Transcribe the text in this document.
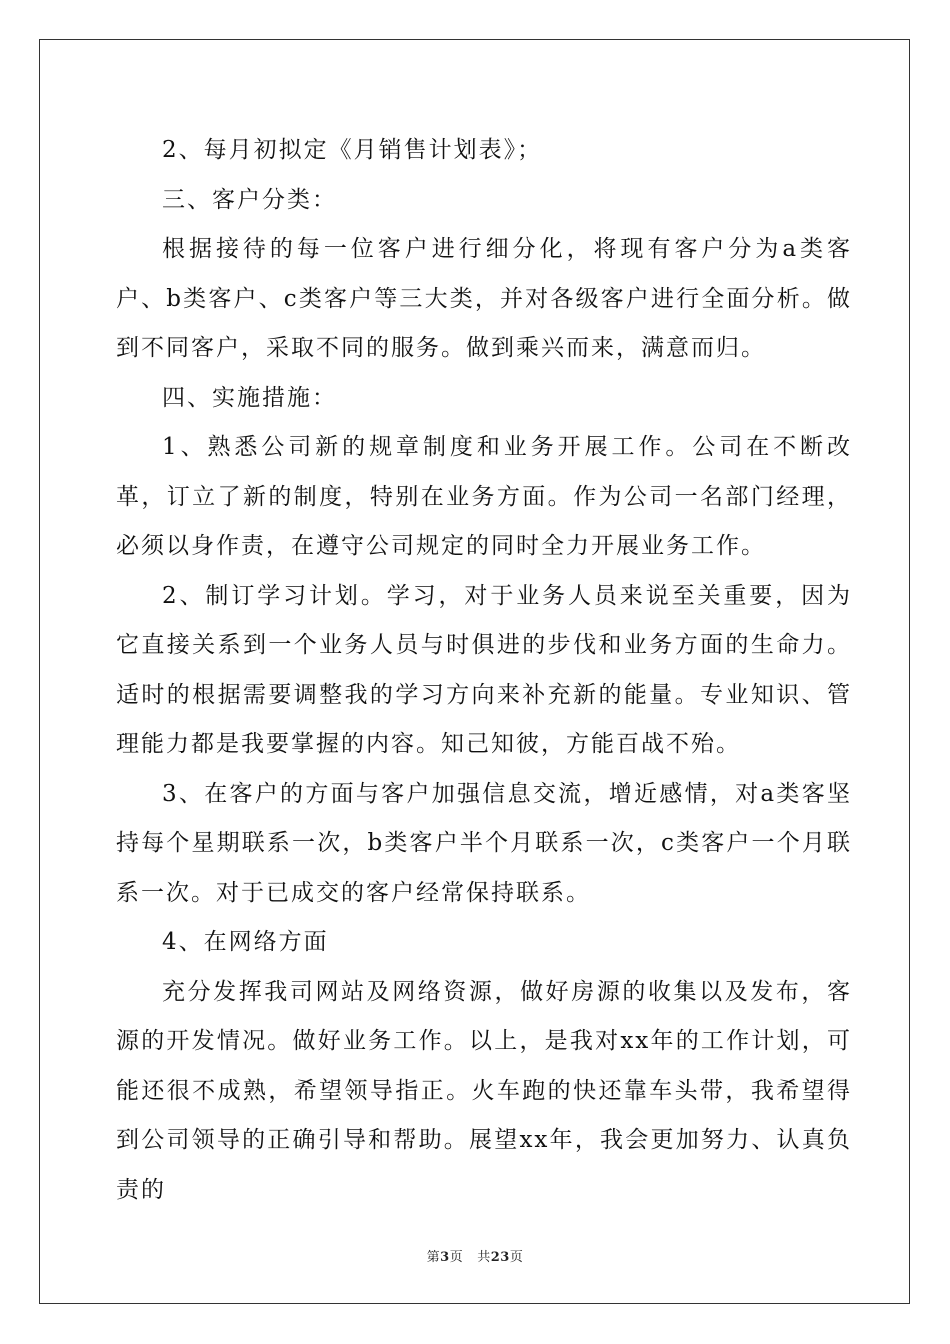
2、每月初拟定《月销售计划表》；

三、客户分类：

根据接待的每一位客户进行细分化，将现有客户分为a类客户、b类客户、c类客户等三大类，并对各级客户进行全面分析。做到不同客户，采取不同的服务。做到乘兴而来，满意而归。

四、实施措施：

1、熟悉公司新的规章制度和业务开展工作。公司在不断改革，订立了新的制度，特别在业务方面。作为公司一名部门经理，必须以身作责，在遵守公司规定的同时全力开展业务工作。

2、制订学习计划。学习，对于业务人员来说至关重要，因为它直接关系到一个业务人员与时俱进的步伐和业务方面的生命力。适时的根据需要调整我的学习方向来补充新的能量。专业知识、管理能力都是我要掌握的内容。知己知彼，方能百战不殆。

3、在客户的方面与客户加强信息交流，增近感情，对a类客坚持每个星期联系一次，b类客户半个月联系一次，c类客户一个月联系一次。对于已成交的客户经常保持联系。

4、在网络方面

充分发挥我司网站及网络资源，做好房源的收集以及发布，客源的开发情况。做好业务工作。以上，是我对xx年的工作计划，可能还很不成熟，希望领导指正。火车跑的快还靠车头带，我希望得到公司领导的正确引导和帮助。展望xx年，我会更加努力、认真负责的

第3页 共23页
